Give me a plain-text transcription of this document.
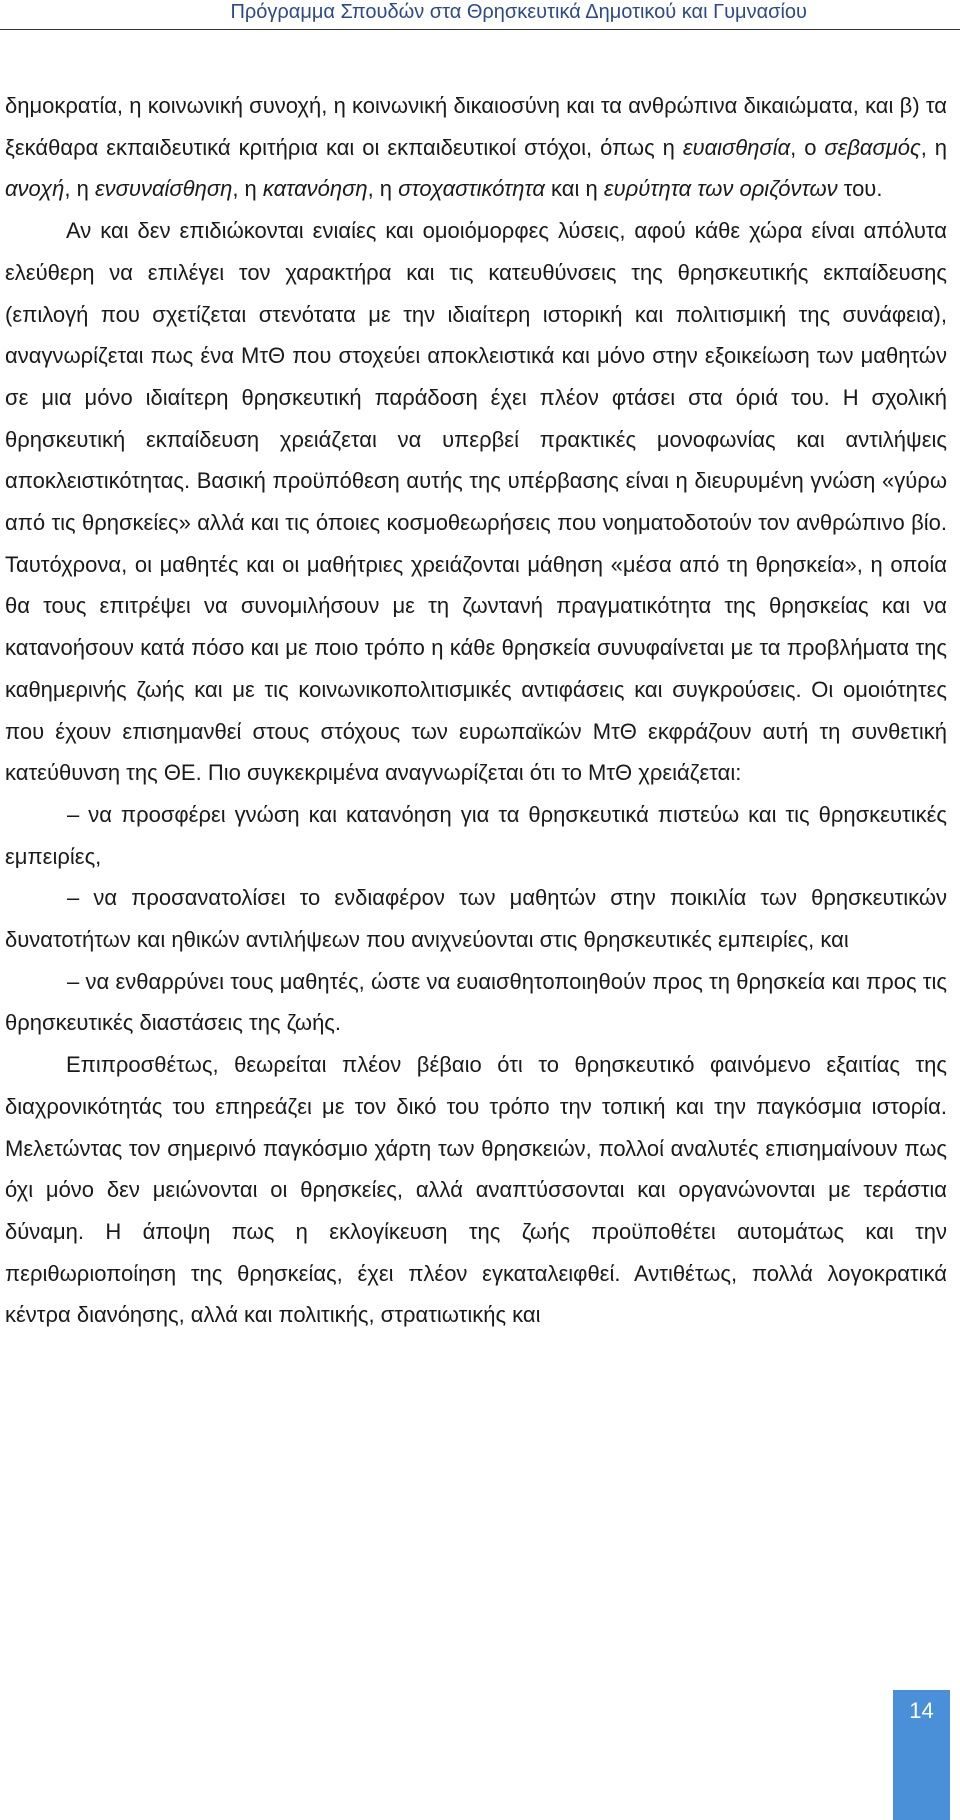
Πρόγραμμα Σπουδών στα Θρησκευτικά Δημοτικού και Γυμνασίου

δημοκρατία, η κοινωνική συνοχή, η κοινωνική δικαιοσύνη και τα ανθρώπινα δικαιώματα, και β) τα ξεκάθαρα εκπαιδευτικά κριτήρια και οι εκπαιδευτικοί στόχοι, όπως η ευαισθησία, ο σεβασμός, η ανοχή, η ενσυναίσθηση, η κατανόηση, η στοχαστικότητα και η ευρύτητα των οριζόντων του.

Αν και δεν επιδιώκονται ενιαίες και ομοιόμορφες λύσεις, αφού κάθε χώρα είναι απόλυτα ελεύθερη να επιλέγει τον χαρακτήρα και τις κατευθύνσεις της θρησκευτικής εκπαίδευσης (επιλογή που σχετίζεται στενότατα με την ιδιαίτερη ιστορική και πολιτισμική της συνάφεια), αναγνωρίζεται πως ένα ΜτΘ που στοχεύει αποκλειστικά και μόνο στην εξοικείωση των μαθητών σε μια μόνο ιδιαίτερη θρησκευτική παράδοση έχει πλέον φτάσει στα όριά του. Η σχολική θρησκευτική εκπαίδευση χρειάζεται να υπερβεί πρακτικές μονοφωνίας και αντιλήψεις αποκλειστικότητας. Βασική προϋπόθεση αυτής της υπέρβασης είναι η διευρυμένη γνώση «γύρω από τις θρησκείες» αλλά και τις όποιες κοσμοθεωρήσεις που νοηματοδοτούν τον ανθρώπινο βίο. Ταυτόχρονα, οι μαθητές και οι μαθήτριες χρειάζονται μάθηση «μέσα από τη θρησκεία», η οποία θα τους επιτρέψει να συνομιλήσουν με τη ζωντανή πραγματικότητα της θρησκείας και να κατανοήσουν κατά πόσο και με ποιο τρόπο η κάθε θρησκεία συνυφαίνεται με τα προβλήματα της καθημερινής ζωής και με τις κοινωνικοπολιτισμικές αντιφάσεις και συγκρούσεις. Οι ομοιότητες που έχουν επισημανθεί στους στόχους των ευρωπαϊκών ΜτΘ εκφράζουν αυτή τη συνθετική κατεύθυνση της ΘΕ. Πιο συγκεκριμένα αναγνωρίζεται ότι το ΜτΘ χρειάζεται:

– να προσφέρει γνώση και κατανόηση για τα θρησκευτικά πιστεύω και τις θρησκευτικές εμπειρίες,

– να προσανατολίσει το ενδιαφέρον των μαθητών στην ποικιλία των θρησκευτικών δυνατοτήτων και ηθικών αντιλήψεων που ανιχνεύονται στις θρησκευτικές εμπειρίες, και

– να ενθαρρύνει τους μαθητές, ώστε να ευαισθητοποιηθούν προς τη θρησκεία και προς τις θρησκευτικές διαστάσεις της ζωής.

Επιπροσθέτως, θεωρείται πλέον βέβαιο ότι το θρησκευτικό φαινόμενο εξαιτίας της διαχρονικότητάς του επηρεάζει με τον δικό του τρόπο την τοπική και την παγκόσμια ιστορία. Μελετώντας τον σημερινό παγκόσμιο χάρτη των θρησκειών, πολλοί αναλυτές επισημαίνουν πως όχι μόνο δεν μειώνονται οι θρησκείες, αλλά αναπτύσσονται και οργανώνονται με τεράστια δύναμη. Η άποψη πως η εκλογίκευση της ζωής προϋποθέτει αυτομάτως και την περιθωριοποίηση της θρησκείας, έχει πλέον εγκαταλειφθεί. Αντιθέτως, πολλά λογοκρατικά κέντρα διανόησης, αλλά και πολιτικής, στρατιωτικής και

14
